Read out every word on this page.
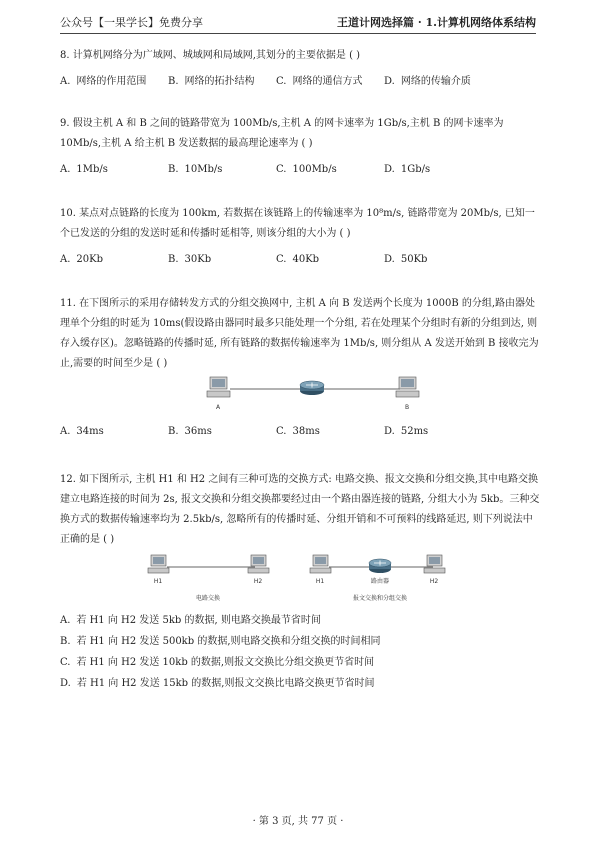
公众号【一果学长】免费分享	王道计网选择篇 · 1.计算机网络体系结构

8. 计算机网络分为广域网、城域网和局域网,其划分的主要依据是 ( )

A. 网络的作用范围	B. 网络的拓扑结构	C. 网络的通信方式	D. 网络的传输介质

9. 假设主机 A 和 B 之间的链路带宽为 100Mb/s,主机 A 的网卡速率为 1Gb/s,主机 B 的网卡速率为 10Mb/s,主机 A 给主机 B 发送数据的最高理论速率为 ( )

A. 1Mb/s	B. 10Mb/s	C. 100Mb/s	D. 1Gb/s

10. 某点对点链路的长度为 100km, 若数据在该链路上的传输速率为 10⁸m/s, 链路带宽为 20Mb/s, 已知一个已发送的分组的发送时延和传播时延相等, 则该分组的大小为 ( )

A. 20Kb	B. 30Kb	C. 40Kb	D. 50Kb

11. 在下图所示的采用存储转发方式的分组交换网中, 主机 A 向 B 发送两个长度为 1000B 的分组,路由器处理单个分组的时延为 10ms(假设路由器同时最多只能处理一个分组, 若在处理某个分组时有新的分组到达, 则存入缓存区)。忽略链路的传播时延, 所有链路的数据传输速率为 1Mb/s, 则分组从 A 发送开始到 B 接收完为止,需要的时间至少是 ( )

A	B
A. 34ms	B. 36ms	C. 38ms	D. 52ms

12. 如下图所示, 主机 H1 和 H2 之间有三种可选的交换方式: 电路交换、报文交换和分组交换,其中电路交换建立电路连接的时间为 2s, 报文交换和分组交换都要经过由一个路由器连接的链路, 分组大小为 5kb。三种交换方式的数据传输速率均为 2.5kb/s, 忽略所有的传播时延、分组开销和不可预料的线路延迟, 则下列说法中正确的是 ( )

H1	H2
电路交换
H1	路由器	H2
报文交换和分组交换
A. 若 H1 向 H2 发送 5kb 的数据, 则电路交换最节省时间
B. 若 H1 向 H2 发送 500kb 的数据,则电路交换和分组交换的时间相同
C. 若 H1 向 H2 发送 10kb 的数据,则报文交换比分组交换更节省时间
D. 若 H1 向 H2 发送 15kb 的数据,则报文交换比电路交换更节省时间
· 第 3 页, 共 77 页 ·
